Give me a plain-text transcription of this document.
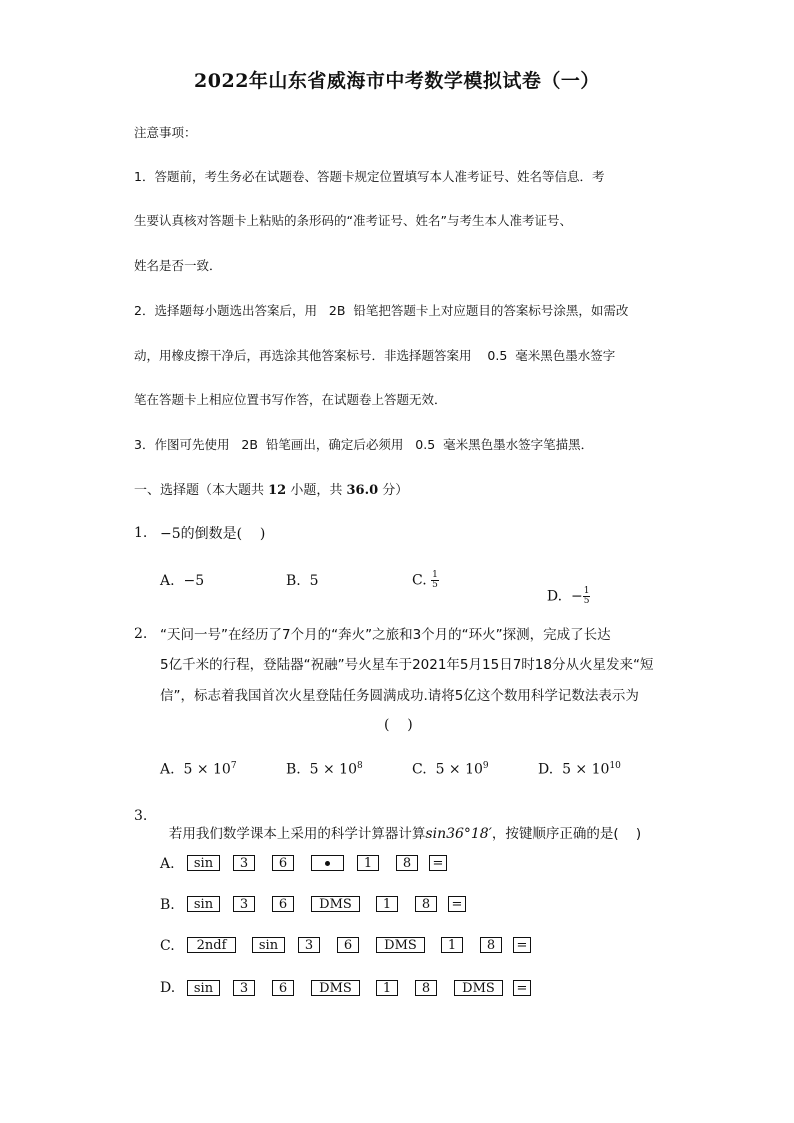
2022年山东省威海市中考数学模拟试卷（一）
注意事项：
1．答题前，考生务必在试题卷、答题卡规定位置填写本人准考证号、姓名等信息．考
生要认真核对答题卡上粘贴的条形码的“准考证号、姓名”与考生本人准考证号、
姓名是否一致．
2．选择题每小题选出答案后，用   2B  铅笔把答题卡上对应题目的答案标号涂黑，如需改
动，用橡皮擦干净后，再选涂其他答案标号．非选择题答案用    0.5  毫米黑色墨水签字
笔在答题卡上相应位置书写作答，在试题卷上答题无效．
3．作图可先使用   2B  铅笔画出，确定后必须用   0.5  毫米黑色墨水签字笔描黑．
一、选择题（本大题共 12 小题，共 36.0 分）
1. −5的倒数是(    )
A.  −5	B.  5	C. $\frac{1}{5}$

D.  − $\frac{1}{5}$

2. “天问一号”在经历了7个月的“奔火”之旅和3个月的“环火”探测，完成了长达
5亿千米的行程，登陆器“祝融”号火星车于2021年5月15日7时18分从火星发来“短
信”，标志着我国首次火星登陆任务圆满成功.请将5亿这个数用科学记数法表示为
(    )
A.  $5 \times 10^7$	B.  $5 \times 10^8$	C.  $5 \times 10^9$	D.  $5 \times 10^{10}$
3.

若用我们数学课本上采用的科学计算器计算sin36°18′，按键顺序正确的是(    )

A.	sin	3	6	1	8	=
B.	sin	3	6	DMS	1	8	=
C.	2ndf	sin	3	6	DMS	1	8	=
D.	sin	3	6	DMS	1	8	DMS	=
